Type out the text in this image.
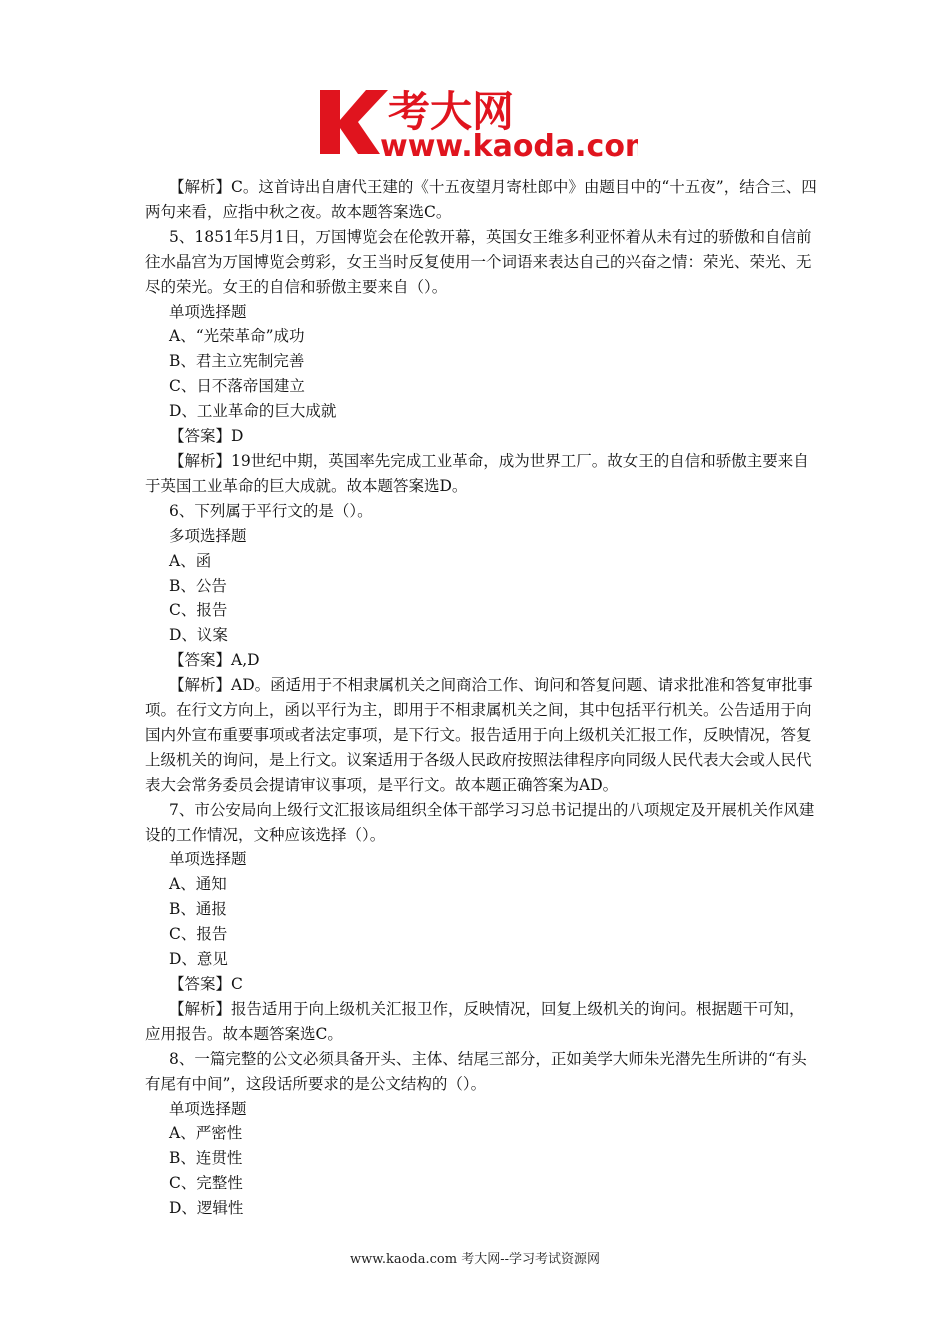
考大网
www.kaoda.com

【解析】C。这首诗出自唐代王建的《十五夜望月寄杜郎中》由题目中的“十五夜”，结合三、四两句来看，应指中秋之夜。故本题答案选C。

5、1851年5月1日，万国博览会在伦敦开幕，英国女王维多利亚怀着从未有过的骄傲和自信前往水晶宫为万国博览会剪彩，女王当时反复使用一个词语来表达自己的兴奋之情：荣光、荣光、无尽的荣光。女王的自信和骄傲主要来自（）。

单项选择题

A、“光荣革命”成功

B、君主立宪制完善

C、日不落帝国建立

D、工业革命的巨大成就

【答案】D

【解析】19世纪中期，英国率先完成工业革命，成为世界工厂。故女王的自信和骄傲主要来自于英国工业革命的巨大成就。故本题答案选D。

6、下列属于平行文的是（）。

多项选择题

A、函

B、公告

C、报告

D、议案

【答案】A,D

【解析】AD。函适用于不相隶属机关之间商洽工作、询问和答复问题、请求批准和答复审批事项。在行文方向上，函以平行为主，即用于不相隶属机关之间，其中包括平行机关。公告适用于向国内外宣布重要事项或者法定事项，是下行文。报告适用于向上级机关汇报工作，反映情况，答复上级机关的询问，是上行文。议案适用于各级人民政府按照法律程序向同级人民代表大会或人民代表大会常务委员会提请审议事项，是平行文。故本题正确答案为AD。

7、市公安局向上级行文汇报该局组织全体干部学习习总书记提出的八项规定及开展机关作风建设的工作情况，文种应该选择（）。

单项选择题

A、通知

B、通报

C、报告

D、意见

【答案】C

【解析】报告适用于向上级机关汇报卫作，反映情况，回复上级机关的询问。根据题干可知，应用报告。故本题答案选C。

8、一篇完整的公文必须具备开头、主体、结尾三部分，正如美学大师朱光潜先生所讲的“有头有尾有中间”，这段话所要求的是公文结构的（）。

单项选择题

A、严密性

B、连贯性

C、完整性

D、逻辑性

www.kaoda.com 考大网--学习考试资源网
